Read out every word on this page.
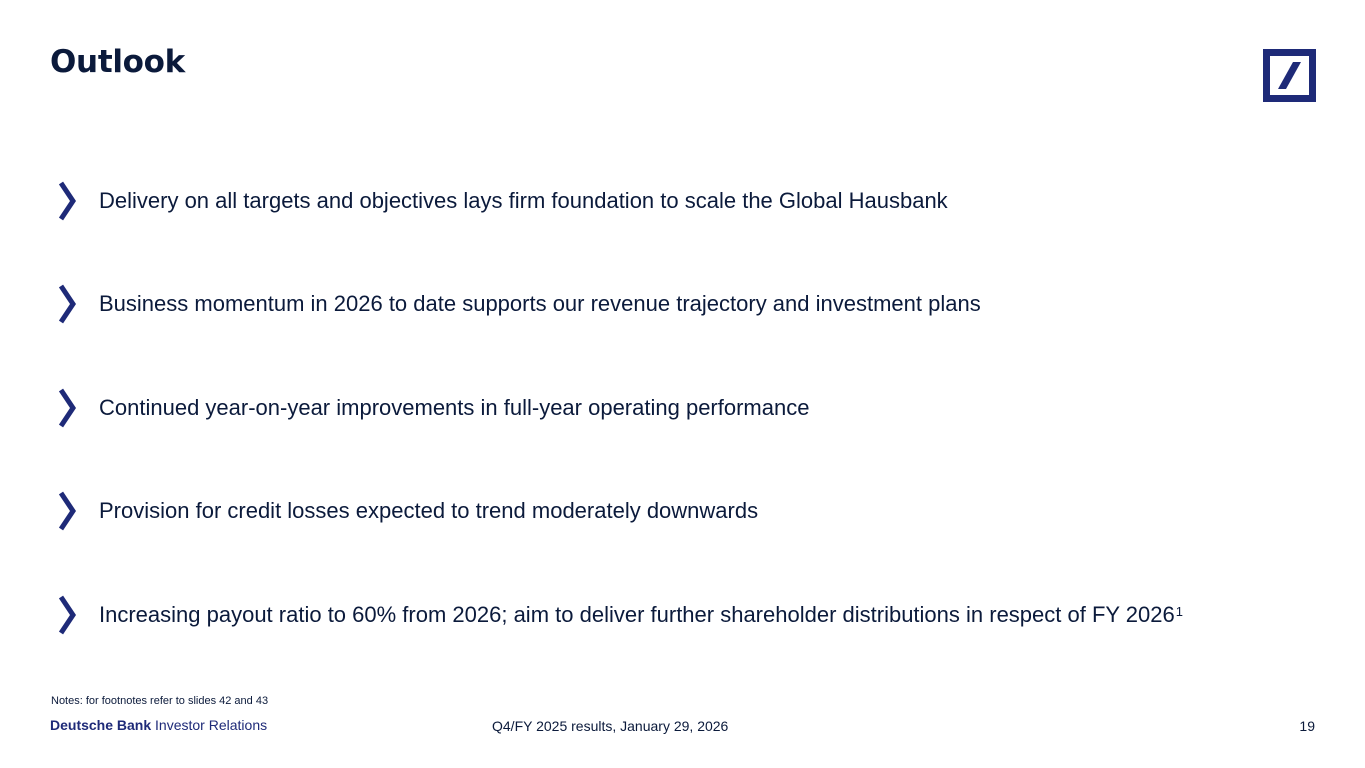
Outlook
Delivery on all targets and objectives lays firm foundation to scale the Global Hausbank
Business momentum in 2026 to date supports our revenue trajectory and investment plans
Continued year-on-year improvements in full-year operating performance
Provision for credit losses expected to trend moderately downwards
Increasing payout ratio to 60% from 2026; aim to deliver further shareholder distributions in respect of FY 2026$^1$
Notes: for footnotes refer to slides 42 and 43
Deutsche Bank Investor Relations	Q4/FY 2025 results, January 29, 2026	19
